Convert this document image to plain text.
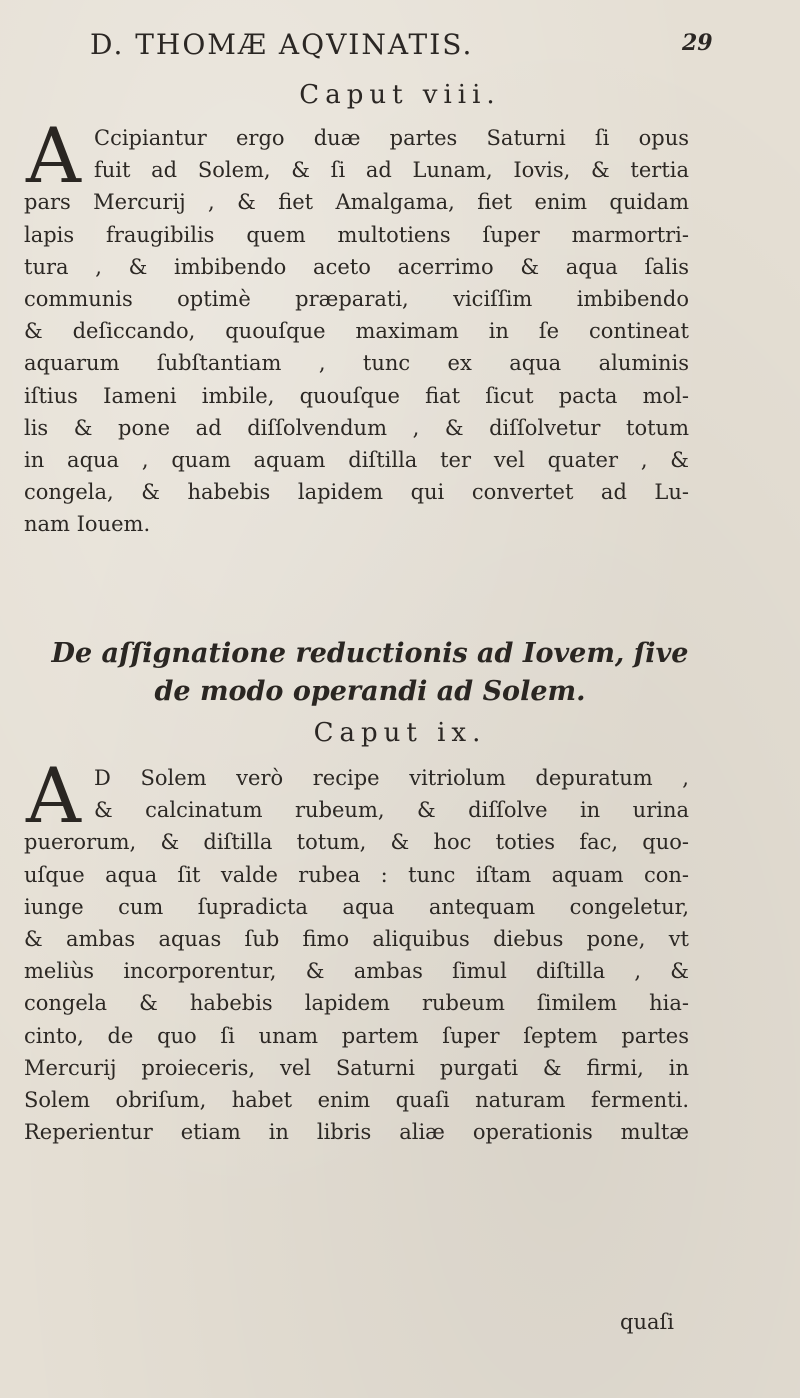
D. THOMÆ AQVINATIS.	29
Caput viii.
A Ccipiantur ergo duæ partes Saturni ſi opus
fuit ad Solem, & ſi ad Lunam, Iovis, & tertia
pars Mercurij , & fiet Amalgama, fiet enim quidam
lapis fraugibilis quem multotiens ſuper marmortri-
tura , & imbibendo aceto acerrimo & aqua ſalis
communis optimè præparati, viciſſim imbibendo
& deſiccando, quouſque maximam in ſe contineat
aquarum ſubſtantiam , tunc ex aqua aluminis
iſtius Iameni imbile, quouſque fiat ſicut pacta mol-
lis & pone ad diſſolvendum , & diſſolvetur totum
in aqua , quam aquam diſtilla ter vel quater , &
congela, & habebis lapidem qui convertet ad Lu-
nam Iouem.
De aſſignatione reductionis ad Iovem, ſive
de modo operandi ad Solem.
Caput ix.
A D Solem verò recipe vitriolum depuratum ,
& calcinatum rubeum, & diſſolve in urina
puerorum, & diſtilla totum, & hoc toties fac, quo-
uſque aqua ſit valde rubea : tunc iſtam aquam con-
iunge cum ſupradicta aqua antequam congeletur,
& ambas aquas ſub fimo aliquibus diebus pone, vt
meliùs incorporentur, & ambas ſimul diſtilla , &
congela & habebis lapidem rubeum ſimilem hia-
cinto, de quo ſi unam partem ſuper ſeptem partes
Mercurij proieceris, vel Saturni purgati & firmi, in
Solem obriſum, habet enim quaſi naturam fermenti.
Reperientur etiam in libris aliæ operationis multæ
quaſi
